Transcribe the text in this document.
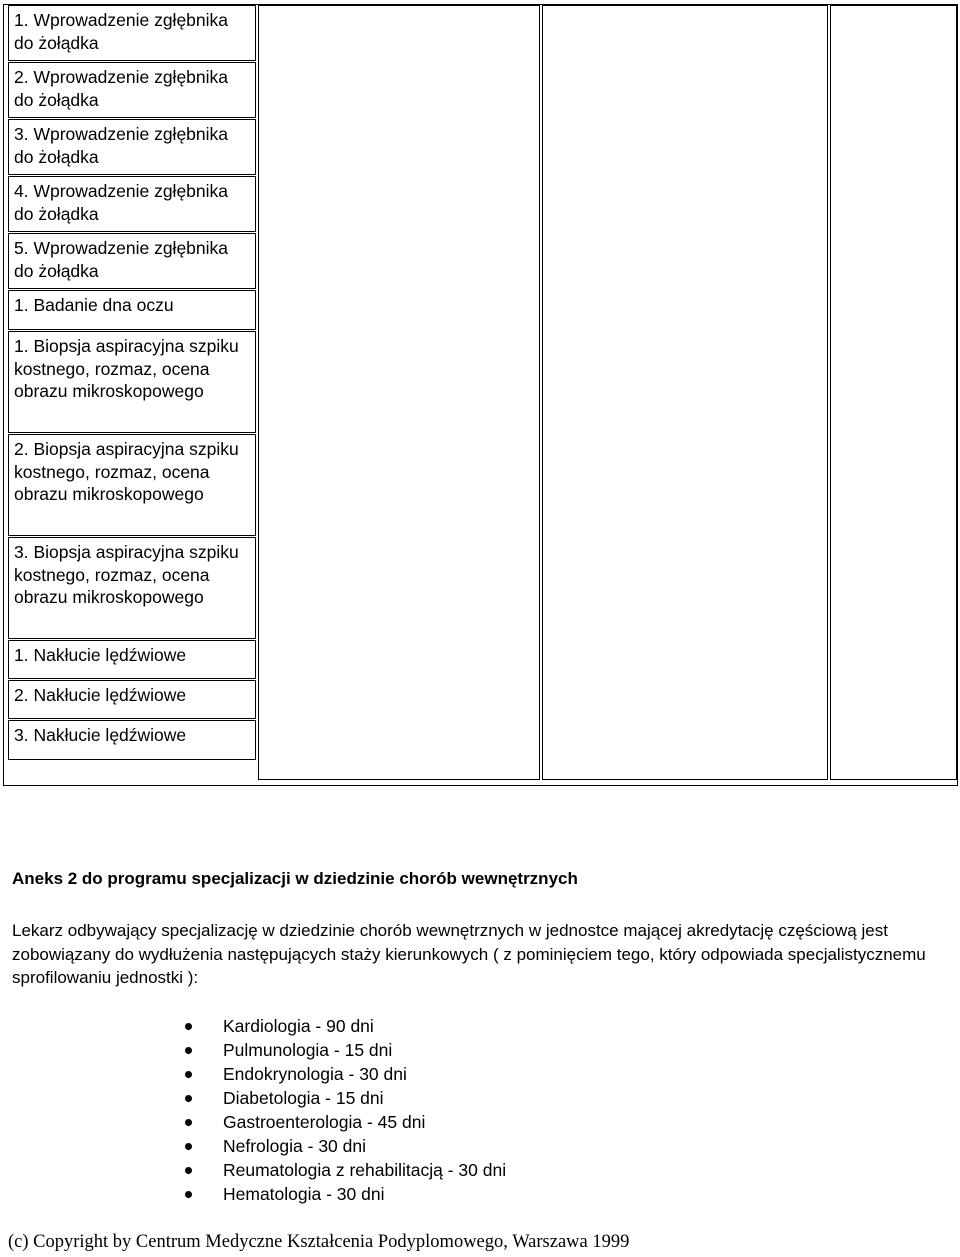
1. Wprowadzenie zgłębnika do żołądka
2. Wprowadzenie zgłębnika do żołądka
3. Wprowadzenie zgłębnika do żołądka
4. Wprowadzenie zgłębnika do żołądka
5. Wprowadzenie zgłębnika do żołądka
1. Badanie dna oczu
1. Biopsja aspiracyjna szpiku kostnego, rozmaz, ocena obrazu mikroskopowego
2. Biopsja aspiracyjna szpiku kostnego, rozmaz, ocena obrazu mikroskopowego
3. Biopsja aspiracyjna szpiku kostnego, rozmaz, ocena obrazu mikroskopowego
1. Nakłucie lędźwiowe
2. Nakłucie lędźwiowe
3. Nakłucie lędźwiowe

Aneks 2 do programu specjalizacji w dziedzinie chorób wewnętrznych

Lekarz odbywający specjalizację w dziedzinie chorób wewnętrznych w jednostce mającej akredytację częściową jest zobowiązany do wydłużenia następujących staży kierunkowych ( z pominięciem tego, który odpowiada specjalistycznemu sprofilowaniu jednostki ):

Kardiologia - 90 dni
Pulmunologia - 15 dni
Endokrynologia - 30 dni
Diabetologia - 15 dni
Gastroenterologia - 45 dni
Nefrologia - 30 dni
Reumatologia z rehabilitacją - 30 dni
Hematologia - 30 dni

(c) Copyright by Centrum Medyczne Kształcenia Podyplomowego, Warszawa 1999
